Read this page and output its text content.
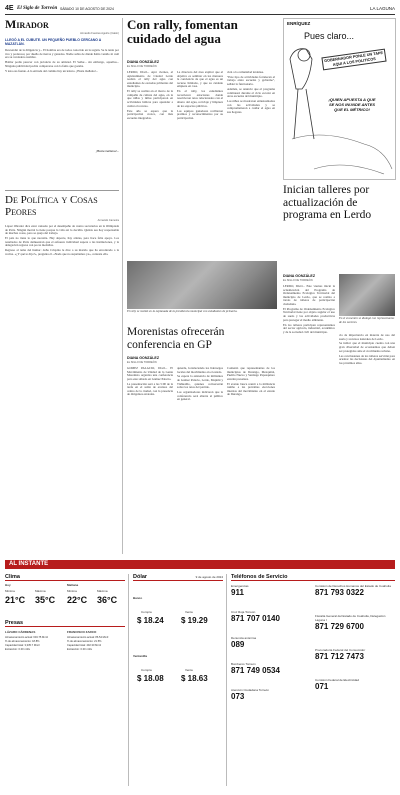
4E El Siglo de Torreón SÁBADO 10 DE AGOSTO DE 2024	LA LAGUNA
Mirador
Armando Fuentes Aguirre (Catón)
LLEGÓ A EL CUBUTE. UN PEQUEÑO PUEBLO CERCANO A MAZATLÁN.
Descendió de la diligencia y... El hombre era de todos conocido en la región. Se le tenía por rico y poderoso; por dueño de tierras y ganados. Nadie sabía de dónde había venido ni cuál era su verdadero nombre.
Hablar podía parecer con jactancia de su amistad. El Señor... sin embargo, aquellos... Ninguna publicidad podría compararse con la fama que gozaba.
Y ésta esa fuente. A la entrada del camino hay un letrero. ¡Hasta mañana!...
¡Hasta mañana!...
De Política y Cosas Peores
Armando Camorra
López Obrador dice estar cansado por el desempeño de cuatro secretarios en la Olimpiada de París. Ningún mortal lo tiene porque la vida así lo decidió. Quizás sea hoy responsable de muchas cosas, pero se queja del trabajo.
El país no tiene lo que necesita. Hay deporte, hay atletas, pero hace falta apoyo. Los resultados de París demuestran que el esfuerzo individual supera a las instituciones, y la delegación regresa con pocas medallas.
Regreso al tema del humor: doña Crispina le dice a su marido que ha encontrado a la vecina. «¿Y qué te dijo?», pregunta él. «Nada que no supiéramos ya», contesta ella.
Con rally, fomentan cuidado del agua
DIANA GONZÁLEZ
EL SIGLO DE TORREÓN
LERDO, DGO.– Ayer viernes, el Ayuntamiento de Ciudad Lerdo realizó el rally del agua con estudiantes de escuelas primarias del municipio.
El rally se realizó en el marco de la campaña de cultura del agua, en la que niñas y niños participaron en actividades lúdicas para aprender a cuidar el recurso.
Este año se espera que la participación crezca, con más escuelas integradas.
La directora del área explicó que el objetivo es sembrar en los menores la conciencia de que el agua es un recurso limitado, y que su cuidado empieza en casa.
En el rally, los estudiantes recorrieron estaciones donde resolvieron retos relacionados con el ahorro del agua, reciclaje y limpieza de los espacios públicos.
Los equipos ganadores recibieron premios y reconocimientos por su participación.
ción a la comunidad lerdense.
"Este tipo de actividades fortalecen el trabajo entre escuelas y gobierno", señaló la funcionaria.
Además, se anunció que el programa continuará durante el ciclo escolar en otras escuelas del municipio.
Los niños se mostraron entusiasmados con las actividades y se comprometieron a cuidar el agua en sus hogares.
El rally se realizó en la explanada de la presidencia municipal con estudiantes de primaria.
ENRÍQUEZ
Pues claro...
GOBERNADOR PONLE UN TAPE AQUI A LOS POLITICOS
¡QUIEN APUESTA A QUE SE NOS INUNDE ANTES QUE EL MÉTRICO!
Inician talleres por actualización de programa en Lerdo
DIANA GONZÁLEZ
EL SIGLO DE TORREÓN
LERDO, DGO.– Este viernes inició la actualización del Programa de Ordenamiento Ecológico Territorial del municipio de Lerdo, que se realiza a través de talleres de participación ciudadana.
El Programa de Ordenamiento Ecológico Territorial tiene por objeto regular el uso de suelo y las actividades productivas para proteger el medio ambiente.
En los talleres participan representantes del sector agrícola, industrial, académico y de la sociedad civil del municipio.
En el encuentro se dialogó con representantes de los sectores.
cia de importancia en materia de uso del suelo y recursos naturales de Lerdo.
Se indicó que el municipio cuenta con una gran diversidad de ecosistemas que deben ser protegidos ante el crecimiento urbano.
Las conclusiones de los talleres servirán para orientar las decisiones del Ayuntamiento en los próximos años.
Morenistas ofrecerán conferencia en GP
DIANA GONZÁLEZ
EL SIGLO DE TORREÓN
GÓMEZ PALACIO, DGO.– El Movimiento de Unidad de la Gente Morenista organiza una conferencia para este sábado en Gómez Palacio.
La presentación será a las 5:00 de la tarde en el salón de eventos del centro de la ciudad, con la presencia de dirigentes estatales.
quierda, fortaleciendo los liderazgos locales del movimiento en el estado.
Se espera la asistencia de militantes de Gómez Palacio, Lerdo, Mapimí y Tlahualilo, quienes conversarán sobre los retos del partido.
Los organizadores indicaron que la conferencia será abierta al público en general.
Comentó que representantes de los municipios de Durango, Mezquital, Pueblo Nuevo y Santiago Papasquiaro estarán presentes.
El evento busca reunir a la militancia rumbo a las próximas elecciones internas del movimiento en el estado de Durango.
AL INSTANTE
Clima
Hoy
Mínima	Máxima
21°C 35°C
Mañana
Mínima	Máxima
22°C 36°C
Presas
LÁZARO CÁRDENAS
Almacenamiento actual: 604.75 Mm3
% de almacenamiento: 18.8%
Capacidad total: 3,335.7 Mm3
Extracción: 0.00 m3/s
FRANCISCO ZARCO
Almacenamiento actual: 86.54 Mm3
% de almacenamiento: 21.5%
Capacidad total: 402.30 Mm3
Extracción: 0.00 m3/s
Dólar	9 de agosto de 2024
Banco
Compra	Venta
$ 18.24 $ 19.29
Ventanilla
Compra	Venta
$ 18.08 $ 18.63
Teléfonos de Servicio
Emergencias
911
Cruz Roja Torreón
871 707 0140
Denuncia anónima
089
Bomberos Torreón
871 749 0534
Atención Ciudadana Torreón
073
Comisión de Derechos Humanos del Estado de Coahuila
871 793 0322
Fiscalía General del Estado de Coahuila, Delegación Laguna I
871 729 6700
Procuraduría Federal del Consumidor
871 712 7473
Comisión Federal de Electricidad
071
